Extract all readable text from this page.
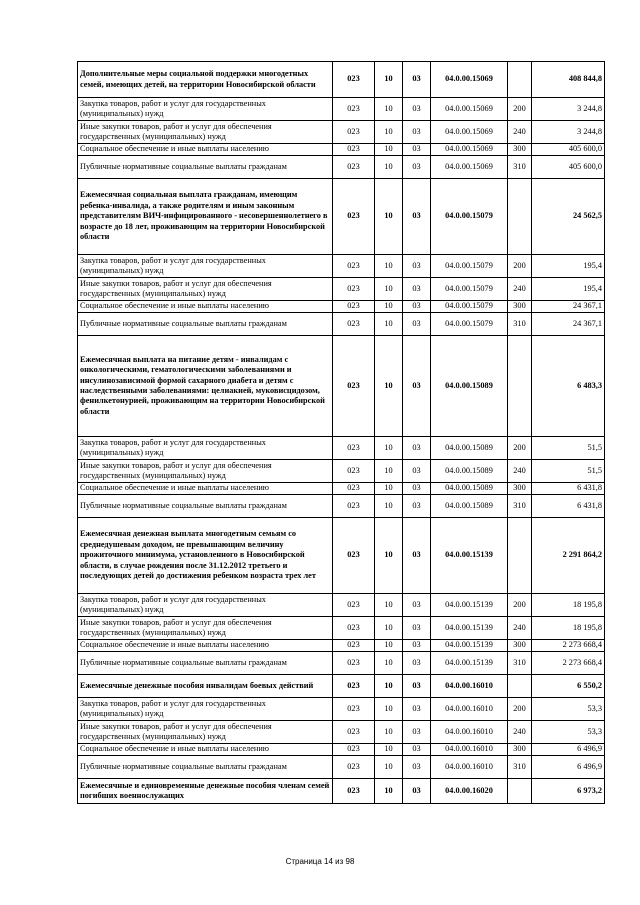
Дополнительные меры социальной поддержки многодетных семей, имеющих детей, на территории Новосибирской области	023	10	03	04.0.00.15069		408 844,8
Закупка товаров, работ и услуг для государственных (муниципальных) нужд	023	10	03	04.0.00.15069	200	3 244,8
Иные закупки товаров, работ и услуг для обеспечения государственных (муниципальных) нужд	023	10	03	04.0.00.15069	240	3 244,8
Социальное обеспечение и иные выплаты населению	023	10	03	04.0.00.15069	300	405 600,0
Публичные нормативные социальные выплаты гражданам	023	10	03	04.0.00.15069	310	405 600,0
Ежемесячная социальная выплата гражданам, имеющим ребенка-инвалида, а также родителям и иным законным представителям ВИЧ-инфицированного - несовершеннолетнего в возрасте до 18 лет, проживающим на территории Новосибирской области	023	10	03	04.0.00.15079		24 562,5
Закупка товаров, работ и услуг для государственных (муниципальных) нужд	023	10	03	04.0.00.15079	200	195,4
Иные закупки товаров, работ и услуг для обеспечения государственных (муниципальных) нужд	023	10	03	04.0.00.15079	240	195,4
Социальное обеспечение и иные выплаты населению	023	10	03	04.0.00.15079	300	24 367,1
Публичные нормативные социальные выплаты гражданам	023	10	03	04.0.00.15079	310	24 367,1
Ежемесячная выплата на питание детям - инвалидам с онкологическими, гематологическими заболеваниями и инсулинозависимой формой сахарного диабета и детям с наследственными заболеваниями: целиакией, муковисцидозом, фенилкетонурией, проживающим на территории Новосибирской области	023	10	03	04.0.00.15089		6 483,3
Закупка товаров, работ и услуг для государственных (муниципальных) нужд	023	10	03	04.0.00.15089	200	51,5
Иные закупки товаров, работ и услуг для обеспечения государственных (муниципальных) нужд	023	10	03	04.0.00.15089	240	51,5
Социальное обеспечение и иные выплаты населению	023	10	03	04.0.00.15089	300	6 431,8
Публичные нормативные социальные выплаты гражданам	023	10	03	04.0.00.15089	310	6 431,8
Ежемесячная денежная выплата многодетным семьям со среднедушевым доходом, не превышающим величину прожиточного минимума, установленного в Новосибирской области, в случае рождения после 31.12.2012 третьего и последующих детей до достижения ребенком возраста трех лет	023	10	03	04.0.00.15139		2 291 864,2
Закупка товаров, работ и услуг для государственных (муниципальных) нужд	023	10	03	04.0.00.15139	200	18 195,8
Иные закупки товаров, работ и услуг для обеспечения государственных (муниципальных) нужд	023	10	03	04.0.00.15139	240	18 195,8
Социальное обеспечение и иные выплаты населению	023	10	03	04.0.00.15139	300	2 273 668,4
Публичные нормативные социальные выплаты гражданам	023	10	03	04.0.00.15139	310	2 273 668,4
Ежемесячные денежные пособия инвалидам боевых действий	023	10	03	04.0.00.16010		6 550,2
Закупка товаров, работ и услуг для государственных (муниципальных) нужд	023	10	03	04.0.00.16010	200	53,3
Иные закупки товаров, работ и услуг для обеспечения государственных (муниципальных) нужд	023	10	03	04.0.00.16010	240	53,3
Социальное обеспечение и иные выплаты населению	023	10	03	04.0.00.16010	300	6 496,9
Публичные нормативные социальные выплаты гражданам	023	10	03	04.0.00.16010	310	6 496,9
Ежемесячные и единовременные денежные пособия членам семей погибших военнослужащих	023	10	03	04.0.00.16020		6 973,2
Страница 14 из 98
